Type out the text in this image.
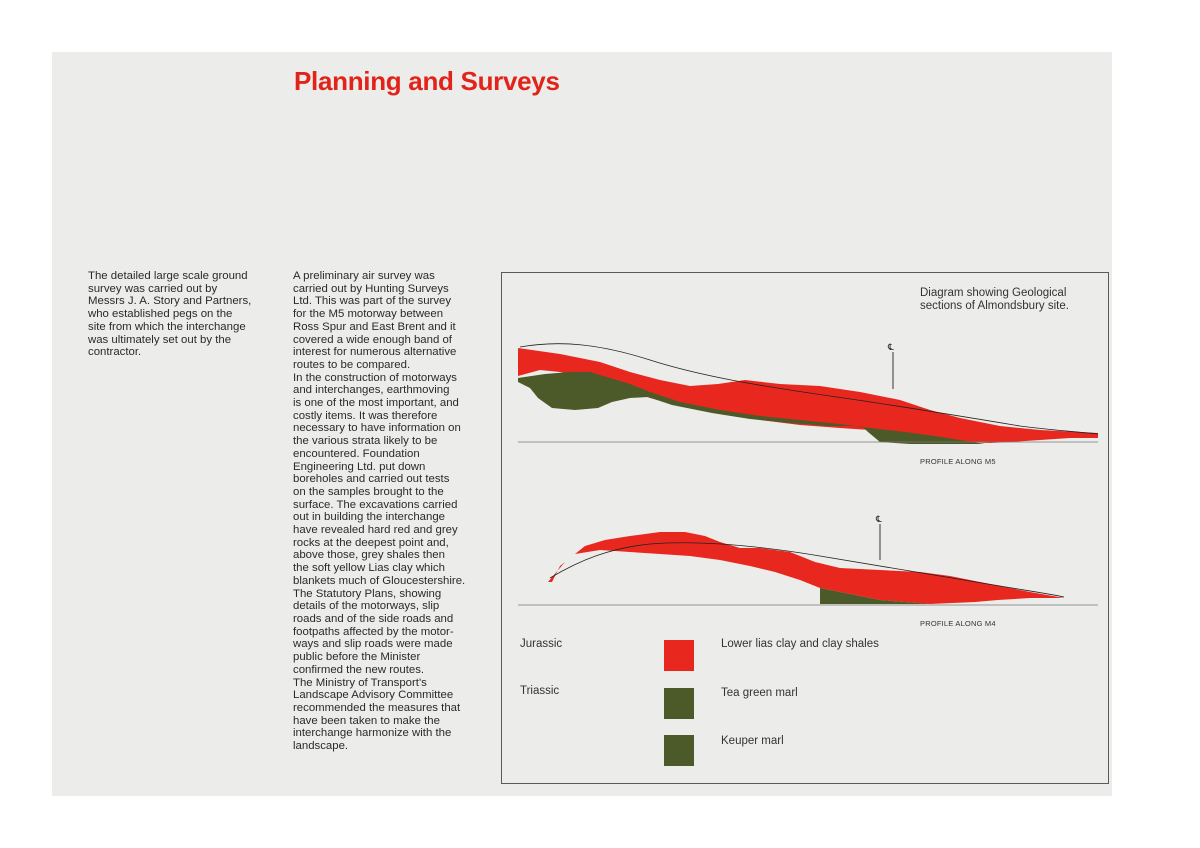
Planning and Surveys

The detailed large scale ground
survey was carried out by
Messrs J. A. Story and Partners,
who established pegs on the
site from which the interchange
was ultimately set out by the
contractor.

A preliminary air survey was
carried out by Hunting Surveys
Ltd. This was part of the survey
for the M5 motorway between
Ross Spur and East Brent and it
covered a wide enough band of
interest for numerous alternative
routes to be compared.
In the construction of motorways
and interchanges, earthmoving
is one of the most important, and
costly items. It was therefore
necessary to have information on
the various strata likely to be
encountered. Foundation
Engineering Ltd. put down
boreholes and carried out tests
on the samples brought to the
surface. The excavations carried
out in building the interchange
have revealed hard red and grey
rocks at the deepest point and,
above those, grey shales then
the soft yellow Lias clay which
blankets much of Gloucestershire.
The Statutory Plans, showing
details of the motorways, slip
roads and of the side roads and
footpaths affected by the motor-
ways and slip roads were made
public before the Minister
confirmed the new routes.
The Ministry of Transport's
Landscape Advisory Committee
recommended the measures that
have been taken to make the
interchange harmonize with the
landscape.

℄
℄

Diagram showing Geological
sections of Almondsbury site.

PROFILE ALONG M5
PROFILE ALONG M4
Jurassic
Triassic
Lower lias clay and clay shales
Tea green marl
Keuper marl
